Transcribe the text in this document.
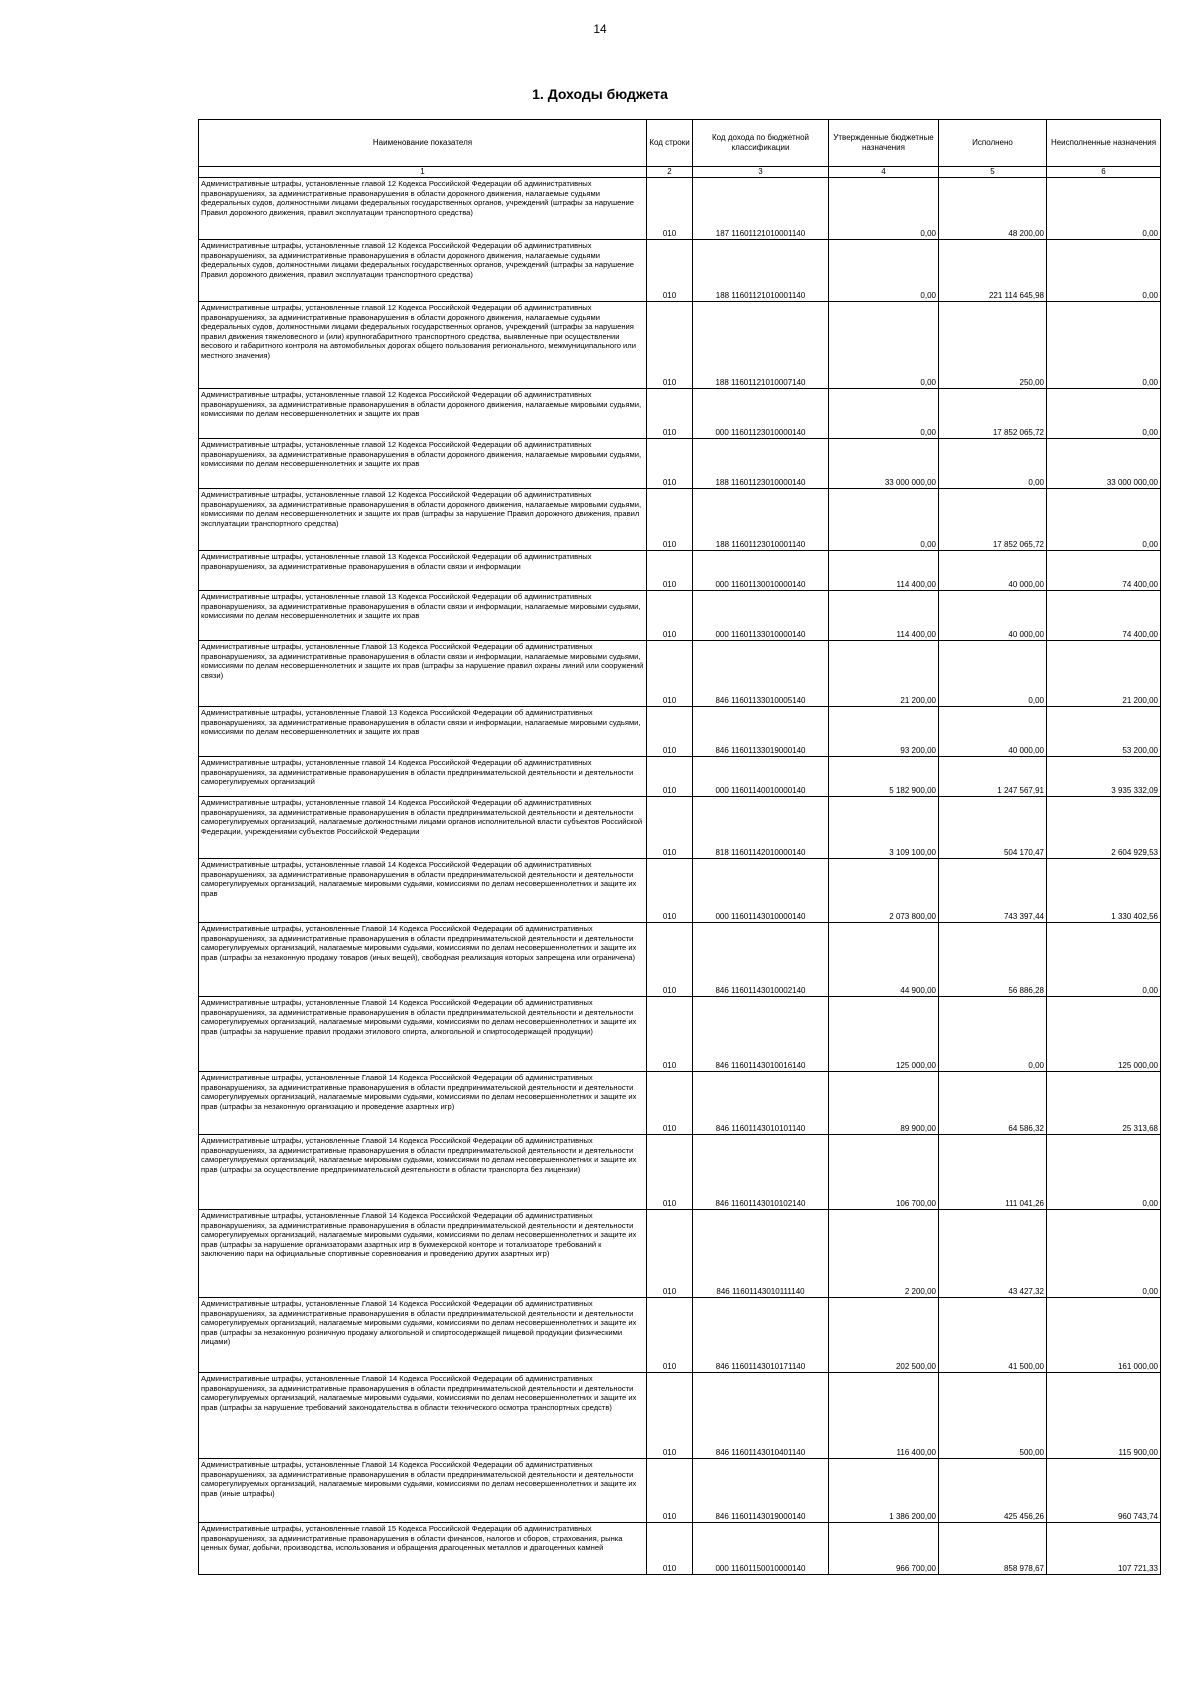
14
1. Доходы бюджета
Наименование показателя	Код строки	Код дохода по бюджетной классификации	Утвержденные бюджетные назначения	Исполнено	Неисполненные назначения
1	2	3	4	5	6
Административные штрафы, установленные главой 12 Кодекса Российской Федерации об административных правонарушениях, за административные правонарушения в области дорожного движения, налагаемые судьями федеральных судов, должностными лицами федеральных государственных органов, учреждений (штрафы за нарушение Правил дорожного движения, правил эксплуатации транспортного средства)	010	187 11601121010001140	0,00	48 200,00	0,00
Административные штрафы, установленные главой 12 Кодекса Российской Федерации об административных правонарушениях, за административные правонарушения в области дорожного движения, налагаемые судьями федеральных судов, должностными лицами федеральных государственных органов, учреждений (штрафы за нарушение Правил дорожного движения, правил эксплуатации транспортного средства)	010	188 11601121010001140	0,00	221 114 645,98	0,00
Административные штрафы, установленные главой 12 Кодекса Российской Федерации об административных правонарушениях, за административные правонарушения в области дорожного движения, налагаемые судьями федеральных судов, должностными лицами федеральных государственных органов, учреждений (штрафы за нарушения правил движения тяжеловесного и (или) крупногабаритного транспортного средства, выявленные при осуществлении весового и габаритного контроля на автомобильных дорогах общего пользования регионального, межмуниципального или местного значения)	010	188 11601121010007140	0,00	250,00	0,00
Административные штрафы, установленные главой 12 Кодекса Российской Федерации об административных правонарушениях, за административные правонарушения в области дорожного движения, налагаемые мировыми судьями, комиссиями по делам несовершеннолетних и защите их прав	010	000 11601123010000140	0,00	17 852 065,72	0,00
Административные штрафы, установленные главой 12 Кодекса Российской Федерации об административных правонарушениях, за административные правонарушения в области дорожного движения, налагаемые мировыми судьями, комиссиями по делам несовершеннолетних и защите их прав	010	188 11601123010000140	33 000 000,00	0,00	33 000 000,00
Административные штрафы, установленные главой 12 Кодекса Российской Федерации об административных правонарушениях, за административные правонарушения в области дорожного движения, налагаемые мировыми судьями, комиссиями по делам несовершеннолетних и защите их прав (штрафы за нарушение Правил дорожного движения, правил эксплуатации транспортного средства)	010	188 11601123010001140	0,00	17 852 065,72	0,00
Административные штрафы, установленные главой 13 Кодекса Российской Федерации об административных правонарушениях, за административные правонарушения в области связи и информации	010	000 11601130010000140	114 400,00	40 000,00	74 400,00
Административные штрафы, установленные главой 13 Кодекса Российской Федерации об административных правонарушениях, за административные правонарушения в области связи и информации, налагаемые мировыми судьями, комиссиями по делам несовершеннолетних и защите их прав	010	000 11601133010000140	114 400,00	40 000,00	74 400,00
Административные штрафы, установленные Главой 13 Кодекса Российской Федерации об административных правонарушениях, за административные правонарушения в области связи и информации, налагаемые мировыми судьями, комиссиями по делам несовершеннолетних и защите их прав (штрафы за нарушение правил охраны линий или сооружений связи)	010	846 11601133010005140	21 200,00	0,00	21 200,00
Административные штрафы, установленные Главой 13 Кодекса Российской Федерации об административных правонарушениях, за административные правонарушения в области связи и информации, налагаемые мировыми судьями, комиссиями по делам несовершеннолетних и защите их прав	010	846 11601133019000140	93 200,00	40 000,00	53 200,00
Административные штрафы, установленные главой 14 Кодекса Российской Федерации об административных правонарушениях, за административные правонарушения в области предпринимательской деятельности и деятельности саморегулируемых организаций	010	000 11601140010000140	5 182 900,00	1 247 567,91	3 935 332,09
Административные штрафы, установленные главой 14 Кодекса Российской Федерации об административных правонарушениях, за административные правонарушения в области предпринимательской деятельности и деятельности саморегулируемых организаций, налагаемые должностными лицами органов исполнительной власти субъектов Российской Федерации, учреждениями субъектов Российской Федерации	010	818 11601142010000140	3 109 100,00	504 170,47	2 604 929,53
Административные штрафы, установленные главой 14 Кодекса Российской Федерации об административных правонарушениях, за административные правонарушения в области предпринимательской деятельности и деятельности саморегулируемых организаций, налагаемые мировыми судьями, комиссиями по делам несовершеннолетних и защите их прав	010	000 11601143010000140	2 073 800,00	743 397,44	1 330 402,56
Административные штрафы, установленные Главой 14 Кодекса Российской Федерации об административных правонарушениях, за административные правонарушения в области предпринимательской деятельности и деятельности саморегулируемых организаций, налагаемые мировыми судьями, комиссиями по делам несовершеннолетних и защите их прав (штрафы за незаконную продажу товаров (иных вещей), свободная реализация которых запрещена или ограничена)	010	846 11601143010002140	44 900,00	56 886,28	0,00
Административные штрафы, установленные Главой 14 Кодекса Российской Федерации об административных правонарушениях, за административные правонарушения в области предпринимательской деятельности и деятельности саморегулируемых организаций, налагаемые мировыми судьями, комиссиями по делам несовершеннолетних и защите их прав (штрафы за нарушение правил продажи этилового спирта, алкогольной и спиртосодержащей продукции)	010	846 11601143010016140	125 000,00	0,00	125 000,00
Административные штрафы, установленные Главой 14 Кодекса Российской Федерации об административных правонарушениях, за административные правонарушения в области предпринимательской деятельности и деятельности саморегулируемых организаций, налагаемые мировыми судьями, комиссиями по делам несовершеннолетних и защите их прав (штрафы за незаконную организацию и проведение азартных игр)	010	846 11601143010101140	89 900,00	64 586,32	25 313,68
Административные штрафы, установленные Главой 14 Кодекса Российской Федерации об административных правонарушениях, за административные правонарушения в области предпринимательской деятельности и деятельности саморегулируемых организаций, налагаемые мировыми судьями, комиссиями по делам несовершеннолетних и защите их прав (штрафы за осуществление предпринимательской деятельности в области транспорта без лицензии)	010	846 11601143010102140	106 700,00	111 041,26	0,00
Административные штрафы, установленные Главой 14 Кодекса Российской Федерации об административных правонарушениях, за административные правонарушения в области предпринимательской деятельности и деятельности саморегулируемых организаций, налагаемые мировыми судьями, комиссиями по делам несовершеннолетних и защите их прав (штрафы за нарушение организаторами азартных игр в букмекерской конторе и тотализаторе требований к заключению пари на официальные спортивные соревнования и проведению других азартных игр)	010	846 11601143010111140	2 200,00	43 427,32	0,00
Административные штрафы, установленные Главой 14 Кодекса Российской Федерации об административных правонарушениях, за административные правонарушения в области предпринимательской деятельности и деятельности саморегулируемых организаций, налагаемые мировыми судьями, комиссиями по делам несовершеннолетних и защите их прав (штрафы за незаконную розничную продажу алкогольной и спиртосодержащей пищевой продукции физическими лицами)	010	846 11601143010171140	202 500,00	41 500,00	161 000,00
Административные штрафы, установленные Главой 14 Кодекса Российской Федерации об административных правонарушениях, за административные правонарушения в области предпринимательской деятельности и деятельности саморегулируемых организаций, налагаемые мировыми судьями, комиссиями по делам несовершеннолетних и защите их прав (штрафы за нарушение требований законодательства в области технического осмотра транспортных средств)	010	846 11601143010401140	116 400,00	500,00	115 900,00
Административные штрафы, установленные Главой 14 Кодекса Российской Федерации об административных правонарушениях, за административные правонарушения в области предпринимательской деятельности и деятельности саморегулируемых организаций, налагаемые мировыми судьями, комиссиями по делам несовершеннолетних и защите их прав (иные штрафы)	010	846 11601143019000140	1 386 200,00	425 456,26	960 743,74
Административные штрафы, установленные главой 15 Кодекса Российской Федерации об административных правонарушениях, за административные правонарушения в области финансов, налогов и сборов, страхования, рынка ценных бумаг, добычи, производства, использования и обращения драгоценных металлов и драгоценных камней	010	000 11601150010000140	966 700,00	858 978,67	107 721,33
